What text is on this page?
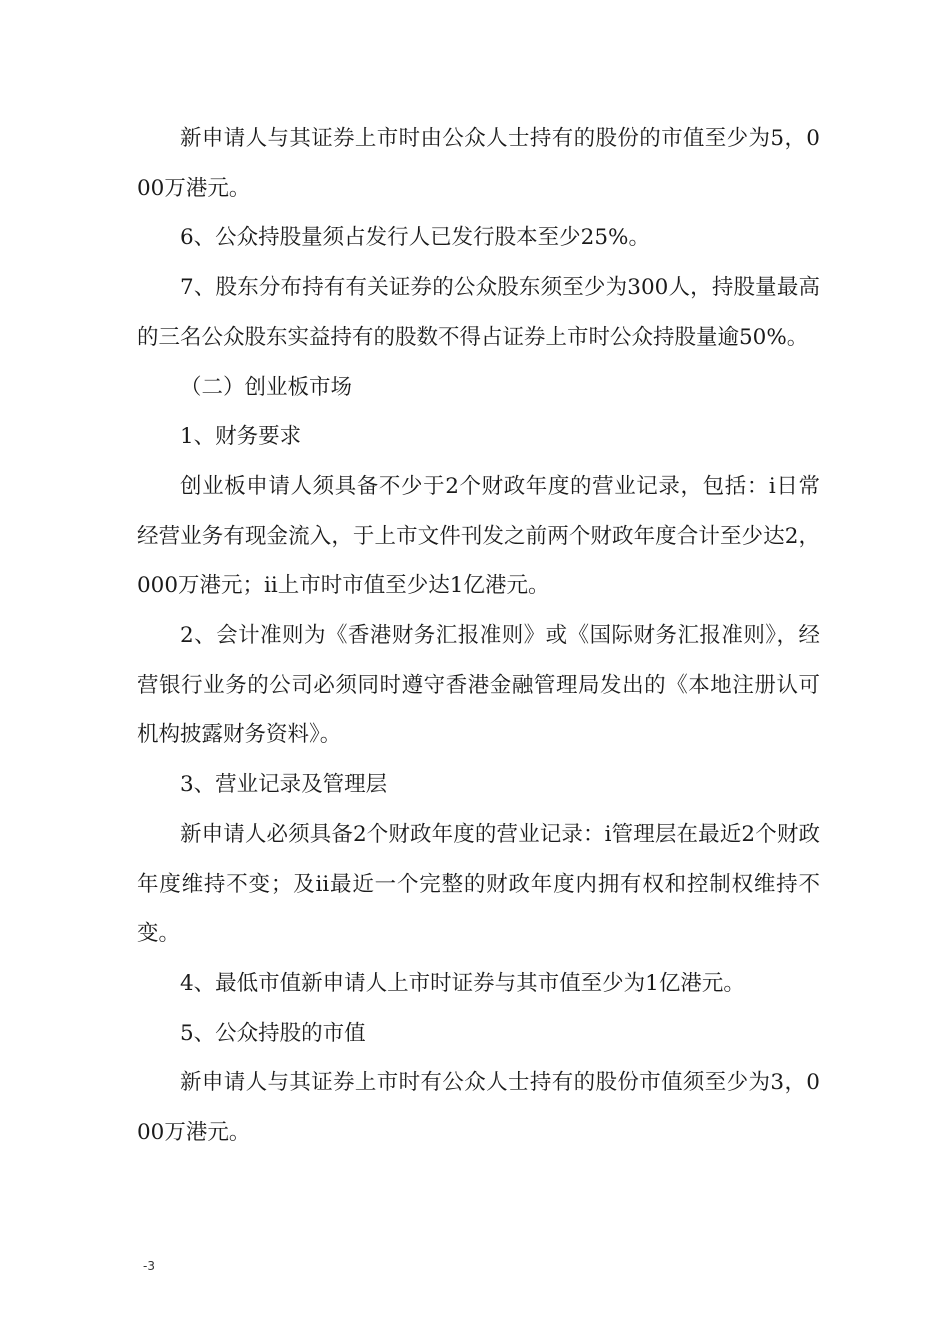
新申请人与其证券上市时由公众人士持有的股份的市值至少为5，000万港元。

6、公众持股量须占发行人已发行股本至少25%。

7、股东分布持有有关证券的公众股东须至少为300人，持股量最高的三名公众股东实益持有的股数不得占证券上市时公众持股量逾50%。

（二）创业板市场

1、财务要求

创业板申请人须具备不少于2个财政年度的营业记录，包括：i日常经营业务有现金流入，于上市文件刊发之前两个财政年度合计至少达2，000万港元；ii上市时市值至少达1亿港元。

2、会计准则为《香港财务汇报准则》或《国际财务汇报准则》，经营银行业务的公司必须同时遵守香港金融管理局发出的《本地注册认可机构披露财务资料》。

3、营业记录及管理层

新申请人必须具备2个财政年度的营业记录：i管理层在最近2个财政年度维持不变；及ii最近一个完整的财政年度内拥有权和控制权维持不变。

4、最低市值新申请人上市时证券与其市值至少为1亿港元。

5、公众持股的市值

新申请人与其证券上市时有公众人士持有的股份市值须至少为3，000万港元。

-3
